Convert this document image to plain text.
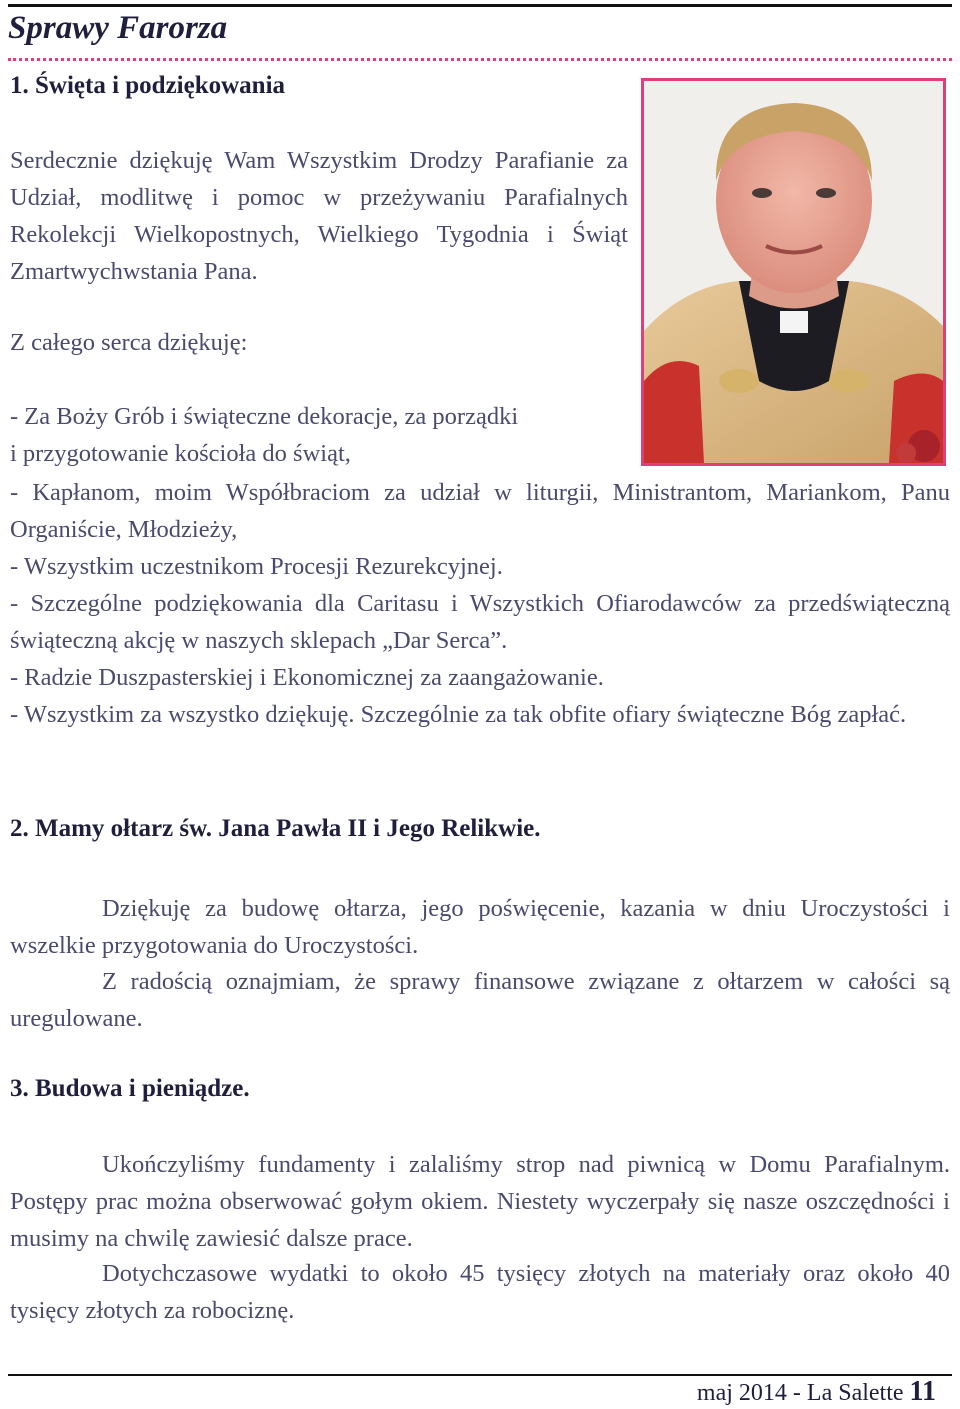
Sprawy Farorza
1. Święta i podziękowania
Serdecznie dziękuję Wam Wszystkim Drodzy Parafianie za Udział, modlitwę i pomoc w przeżywaniu Parafialnych Rekolekcji Wielkopostnych, Wielkiego Tygodnia i Świąt Zmartwychwstania Pana.
Z całego serca dziękuję:
- Za Boży Grób i świąteczne dekoracje, za porządki
i przygotowanie kościoła do świąt,
- Kapłanom, moim Współbraciom za udział w liturgii, Ministrantom, Mariankom, Panu Organiście, Młodzieży,
- Wszystkim uczestnikom Procesji Rezurekcyjnej.
- Szczególne podziękowania dla Caritasu i Wszystkich Ofiarodawców za przedświąteczną świąteczną akcję w naszych sklepach „Dar Serca”.
- Radzie Duszpasterskiej i Ekonomicznej za zaangażowanie.
- Wszystkim za wszystko dziękuję. Szczególnie za tak obfite ofiary świąteczne Bóg zapłać.
2. Mamy ołtarz św. Jana Pawła II i Jego Relikwie.
Dziękuję za budowę ołtarza, jego poświęcenie, kazania w dniu Uroczystości i wszelkie przygotowania do Uroczystości.
Z radością oznajmiam, że sprawy finansowe związane z ołtarzem w całości są uregulowane.
3. Budowa i pieniądze.
Ukończyliśmy fundamenty i zalaliśmy strop nad piwnicą w Domu Parafialnym. Postępy prac można obserwować gołym okiem. Niestety wyczerpały się nasze oszczędności i musimy na chwilę zawiesić dalsze prace.
Dotychczasowe wydatki to około 45 tysięcy złotych na materiały oraz około 40 tysięcy złotych za robociznę.
maj 2014 - La Salette 11
